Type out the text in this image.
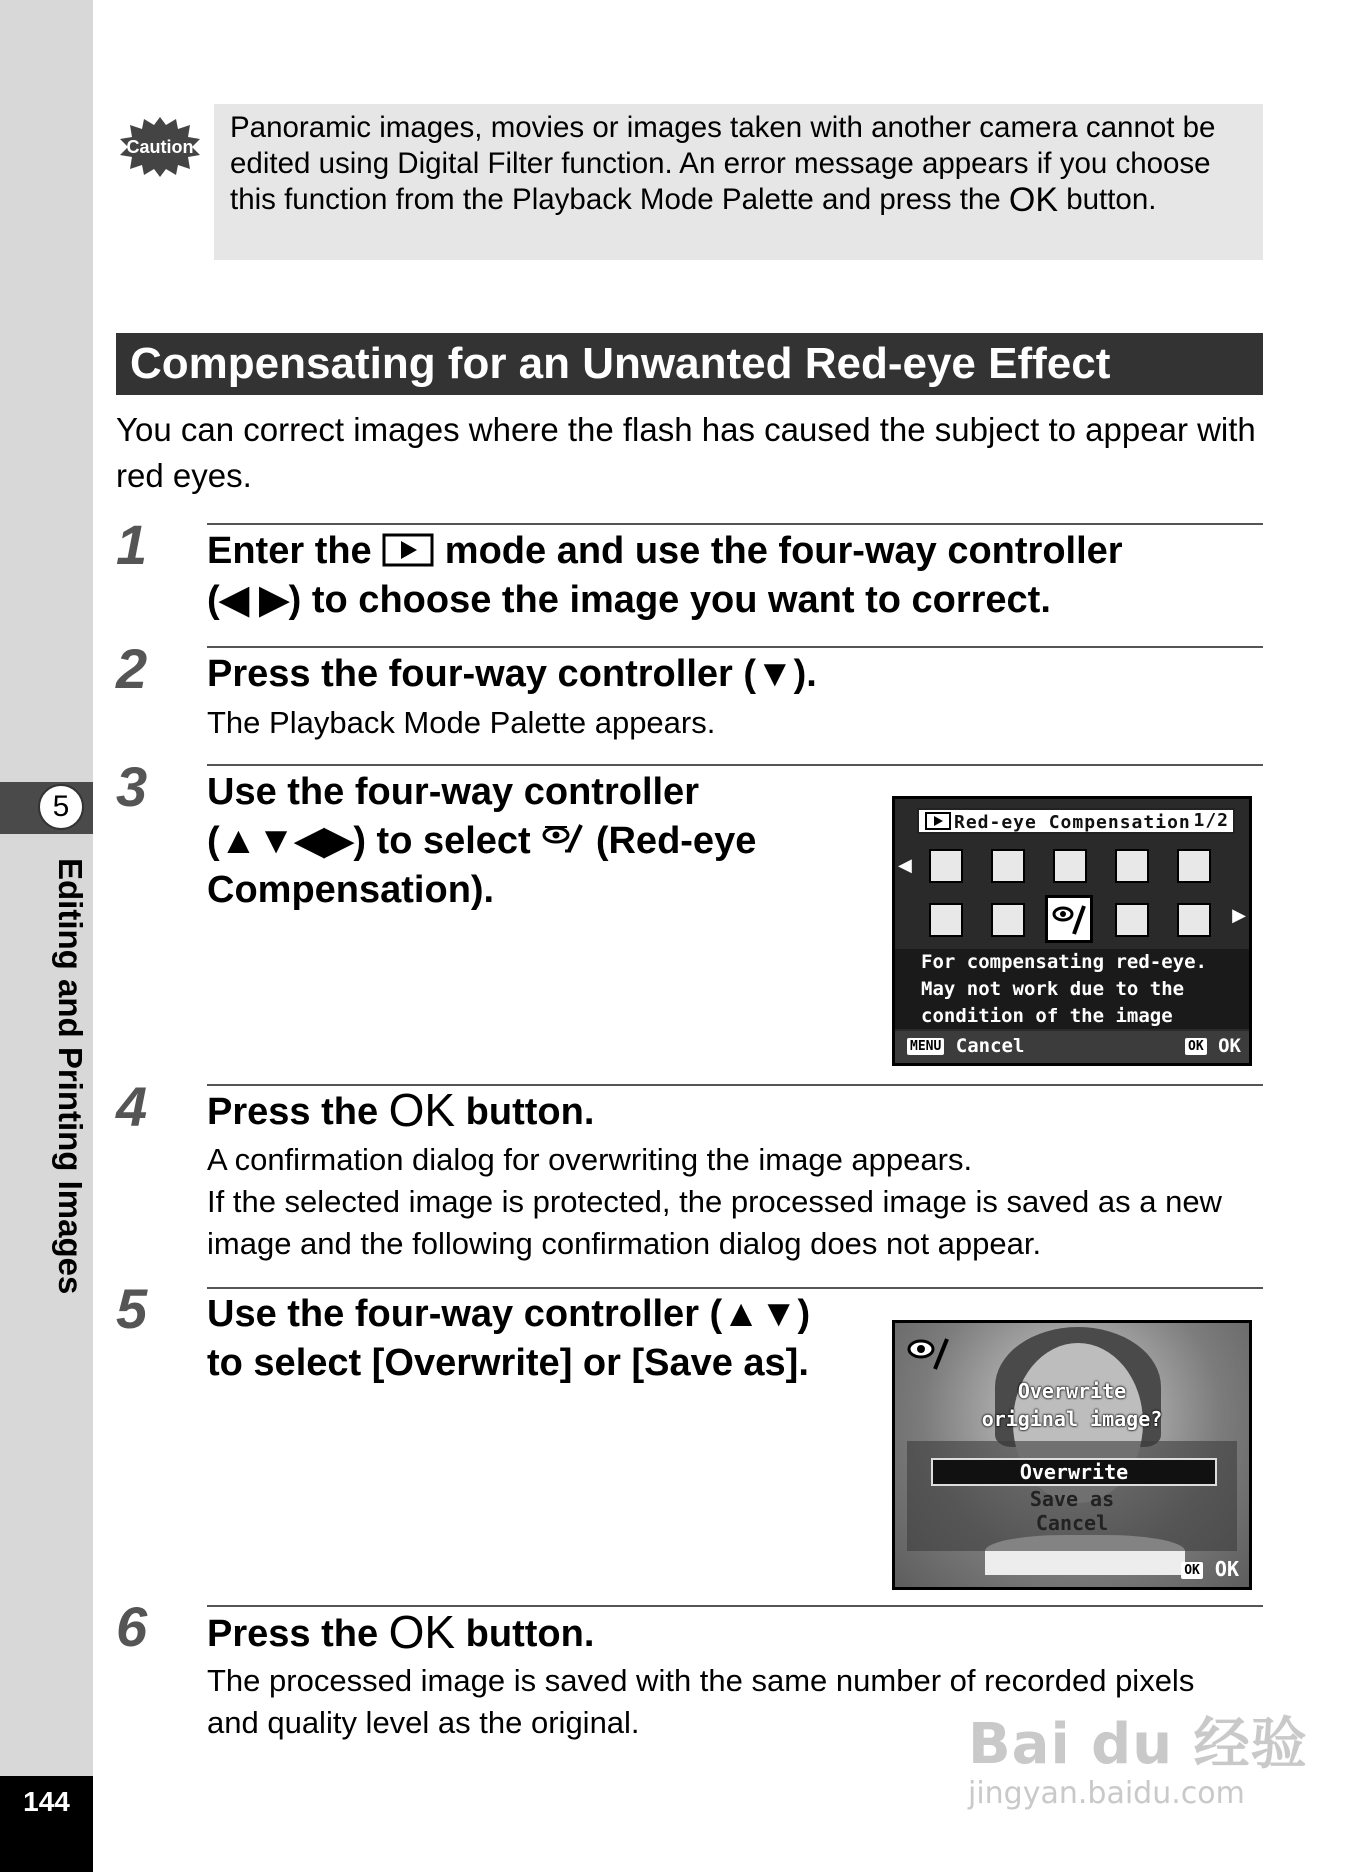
5
Editing and Printing Images
144
Caution
Panoramic images, movies or images taken with another camera cannot be edited using Digital Filter function. An error message appears if you choose this function from the Playback Mode Palette and press the OK button.
Compensating for an Unwanted Red-eye Effect
You can correct images where the flash has caused the subject to appear with red eyes.
1 Enter the  mode and use the four-way controller
(◀ ▶) to choose the image you want to correct.
2 Press the four-way controller (▼).
The Playback Mode Palette appears.
3 Use the four-way controller
(▲▼◀▶) to select  (Red-eye
Compensation).
Red-eye Compensation 1/2
◀
▶
For compensating red-eye.
May not work due to the
condition of the image
MENU Cancel	OK OK
4 Press the OK button.
A confirmation dialog for overwriting the image appears.
If the selected image is protected, the processed image is saved as a new image and the following confirmation dialog does not appear.
5 Use the four-way controller (▲▼)
to select [Overwrite] or [Save as].
Overwrite
original image?
Overwrite
Save as
Cancel
OK OK
6 Press the OK button.
The processed image is saved with the same number of recorded pixels and quality level as the original.	Bai du 经验
jingyan.baidu.com
